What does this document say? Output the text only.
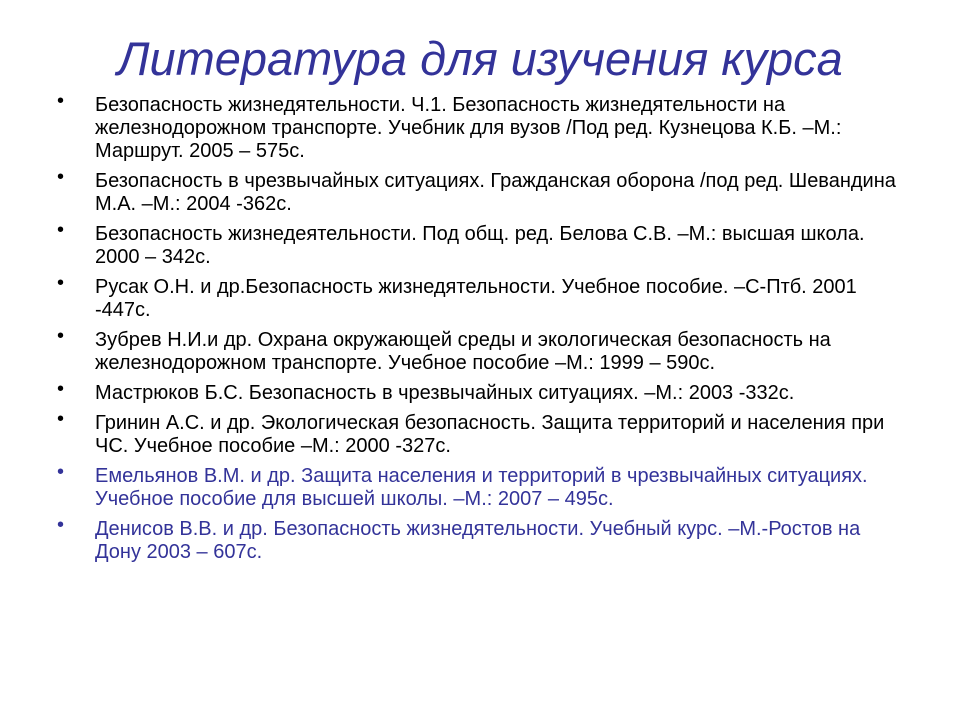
Литература для изучения курса
• Безопасность жизнедятельности. Ч.1. Безопасность жизнедятельности на железнодорожном транспорте. Учебник для вузов /Под ред. Кузнецова К.Б. –М.: Маршрут. 2005 – 575с.
• Безопасность в чрезвычайных ситуациях. Гражданская оборона /под ред. Шевандина М.А. –М.: 2004 -362с.
• Безопасность жизнедеятельности. Под общ. ред. Белова С.В. –М.: высшая школа. 2000 – 342с.
• Русак О.Н. и др.Безопасность жизнедятельности. Учебное пособие. –С-Птб. 2001 -447с.
• Зубрев Н.И.и др. Охрана окружающей среды и экологическая безопасность на железнодорожном транспорте. Учебное пособие –М.: 1999 – 590с.
• Мастрюков Б.С. Безопасность в чрезвычайных ситуациях. –М.: 2003 -332с.
• Гринин А.С. и др. Экологическая безопасность. Защита территорий и населения при ЧС. Учебное пособие –М.: 2000 -327с.
• Емельянов В.М. и др. Защита населения и территорий в чрезвычайных ситуациях. Учебное пособие для высшей школы. –М.: 2007 – 495с.
• Денисов В.В. и др. Безопасность жизнедятельности. Учебный курс. –М.-Ростов на Дону 2003 – 607с.
